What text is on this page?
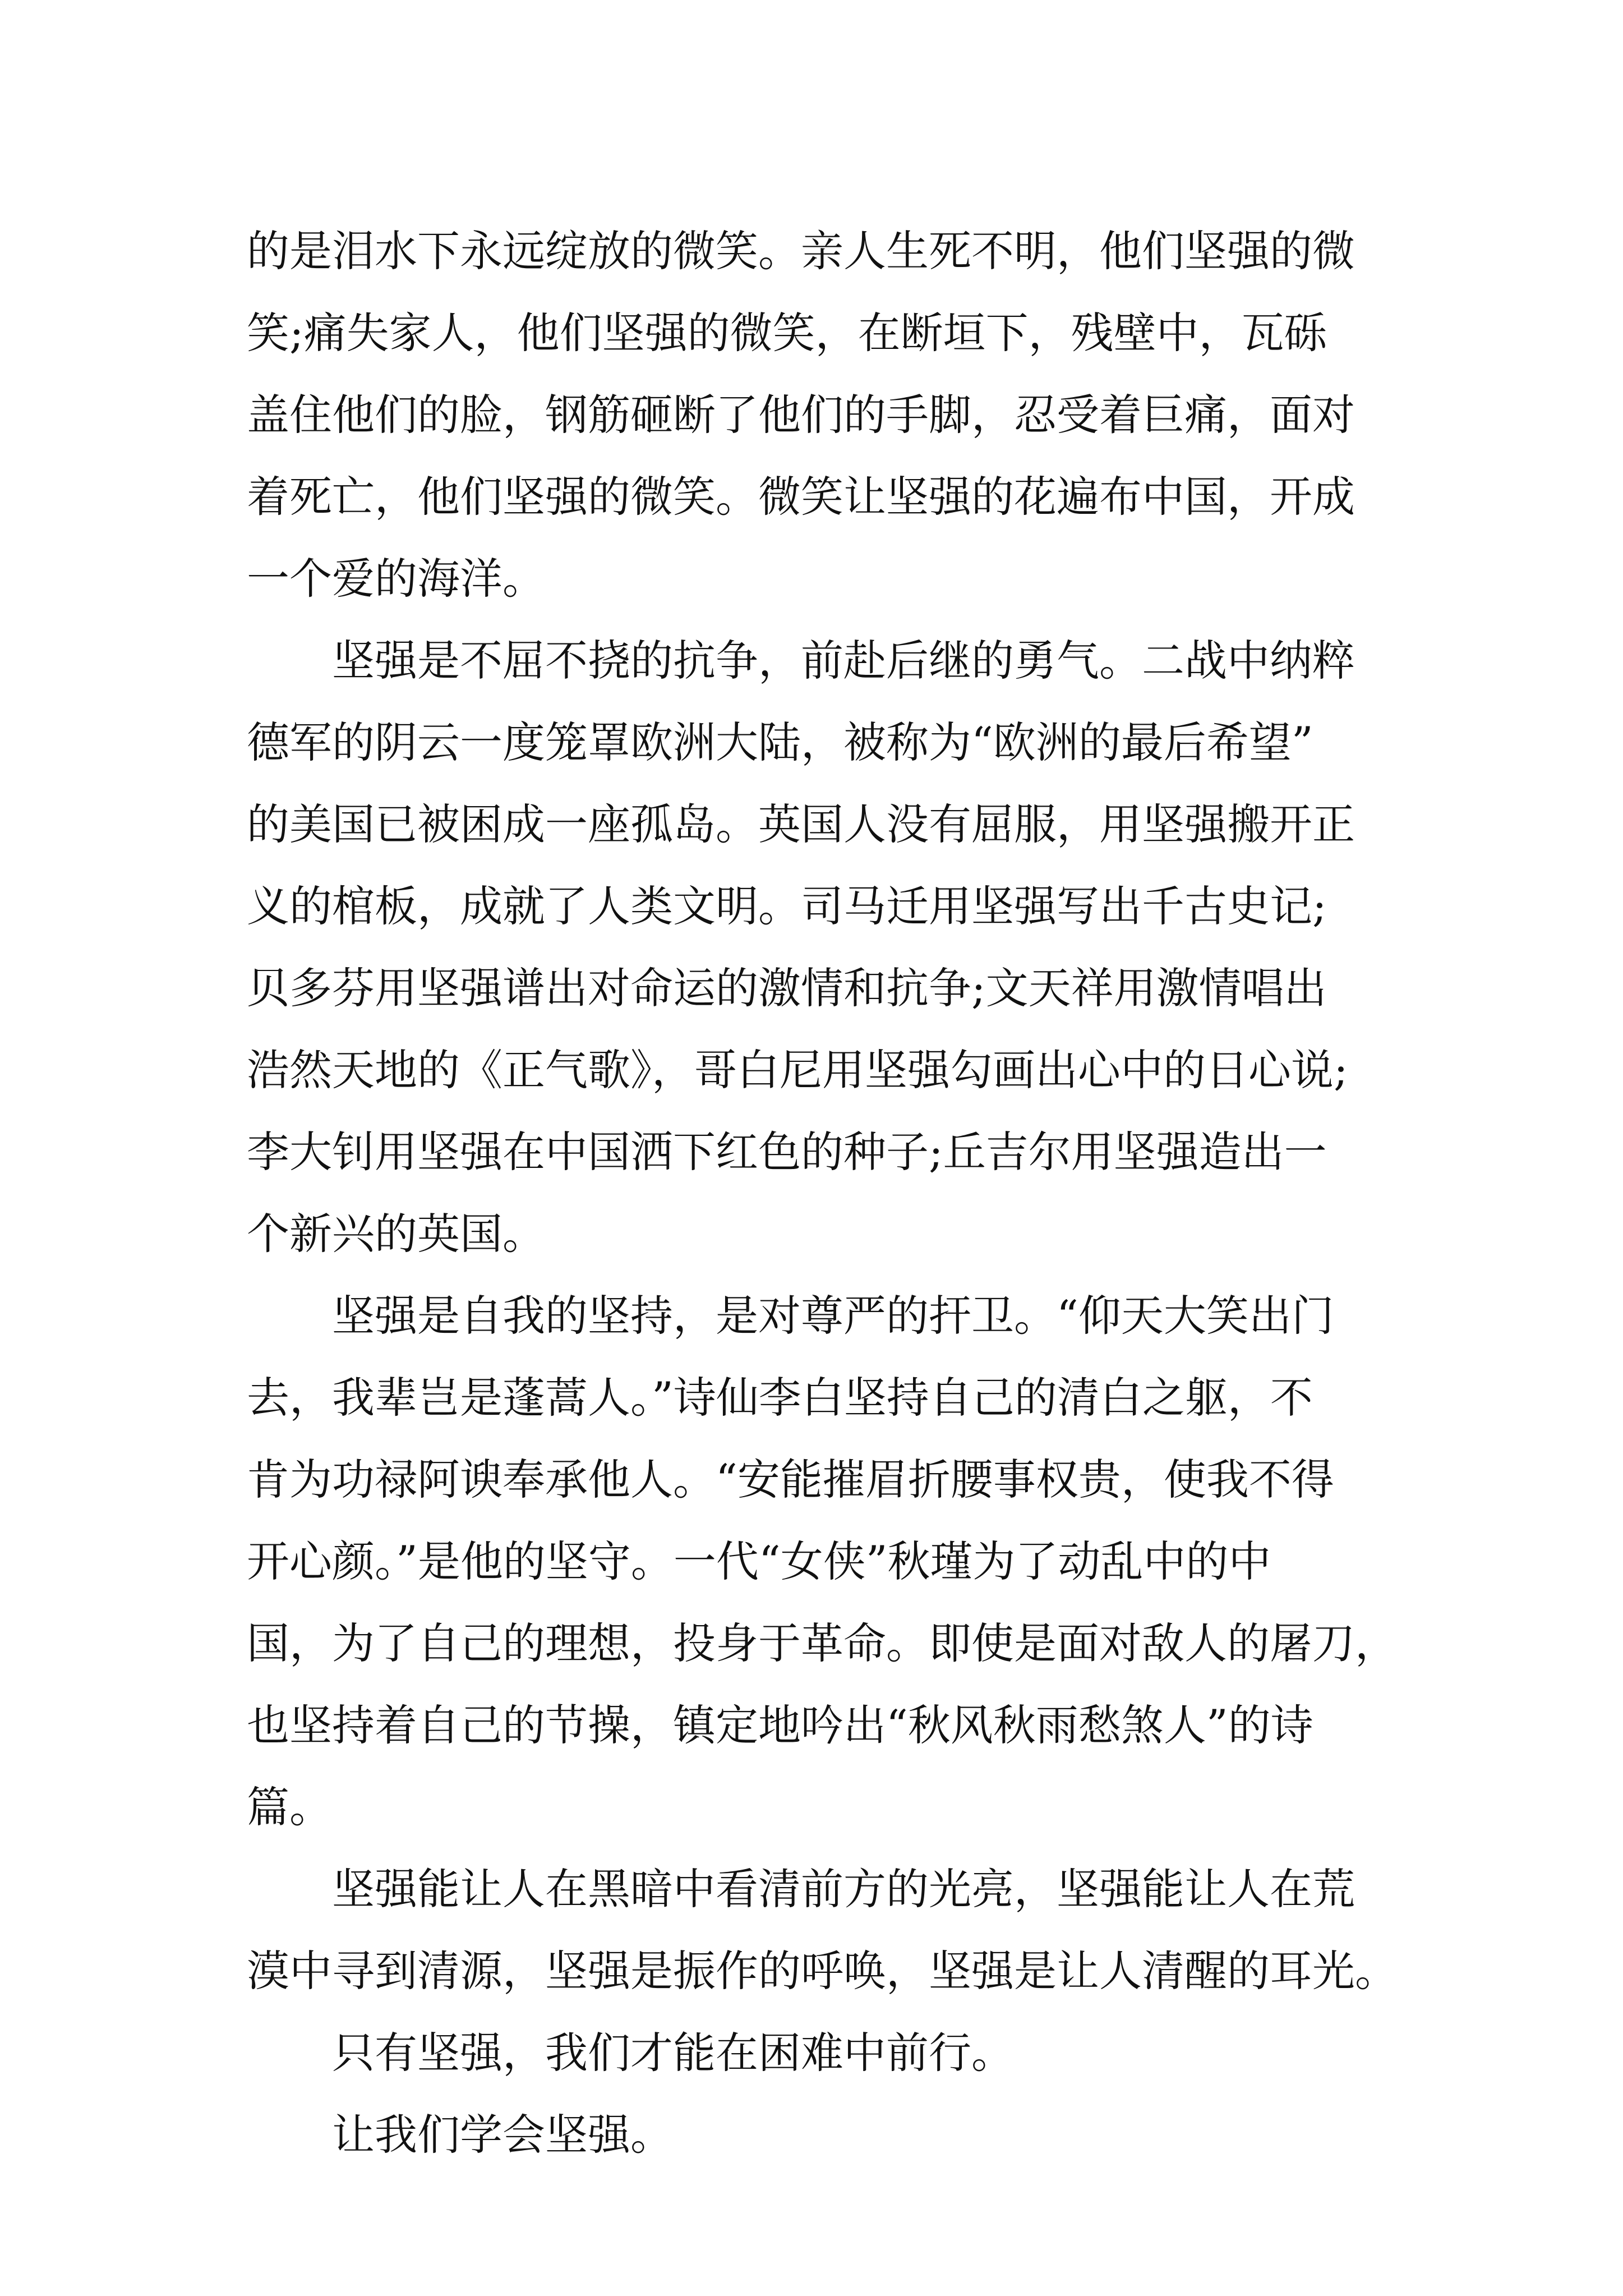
的是泪水下永远绽放的微笑。亲人生死不明，他们坚强的微

笑;痛失家人，他们坚强的微笑，在断垣下，残壁中，瓦砾

盖住他们的脸，钢筋砸断了他们的手脚，忍受着巨痛，面对

着死亡，他们坚强的微笑。微笑让坚强的花遍布中国，开成

一个爱的海洋。

坚强是不屈不挠的抗争，前赴后继的勇气。二战中纳粹

德军的阴云一度笼罩欧洲大陆，被称为“欧洲的最后希望”

的美国已被困成一座孤岛。英国人没有屈服，用坚强搬开正

义的棺板，成就了人类文明。司马迁用坚强写出千古史记;

贝多芬用坚强谱出对命运的激情和抗争;文天祥用激情唱出

浩然天地的《正气歌》，哥白尼用坚强勾画出心中的日心说;

李大钊用坚强在中国洒下红色的种子;丘吉尔用坚强造出一

个新兴的英国。

坚强是自我的坚持，是对尊严的扞卫。“仰天大笑出门

去，我辈岂是蓬蒿人。”诗仙李白坚持自己的清白之躯，不

肯为功禄阿谀奉承他人。“安能摧眉折腰事权贵，使我不得

开心颜。”是他的坚守。一代“女侠”秋瑾为了动乱中的中

国，为了自己的理想，投身于革命。即使是面对敌人的屠刀，

也坚持着自己的节操，镇定地吟出“秋风秋雨愁煞人”的诗

篇。

坚强能让人在黑暗中看清前方的光亮，坚强能让人在荒

漠中寻到清源，坚强是振作的呼唤，坚强是让人清醒的耳光。

只有坚强，我们才能在困难中前行。

让我们学会坚强。
